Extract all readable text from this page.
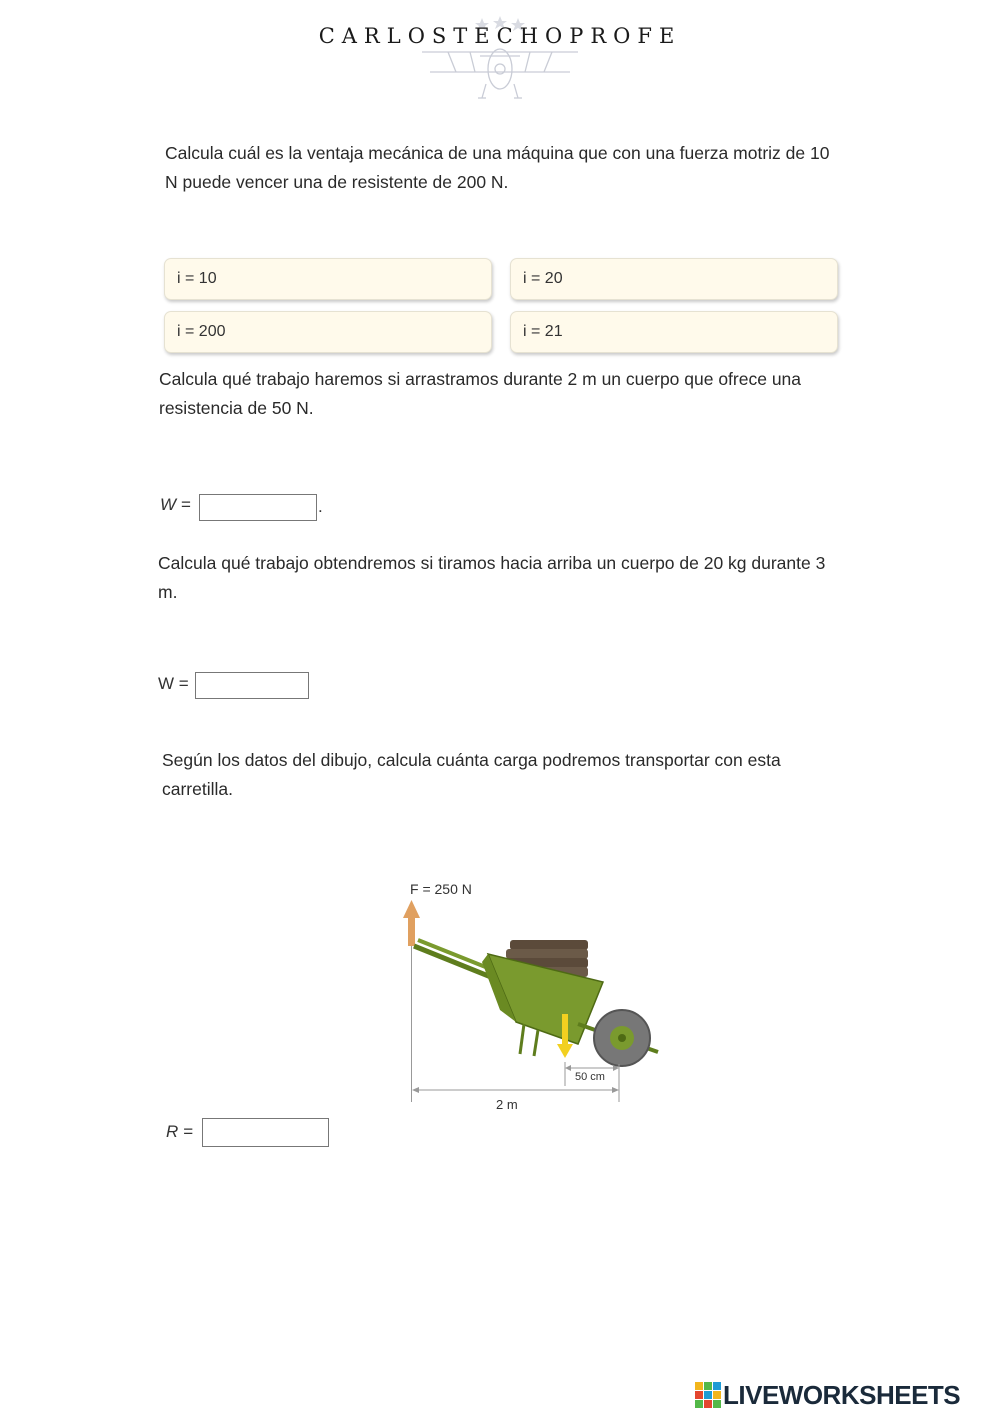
CARLOSTECHOPROFE
Calcula cuál es la ventaja mecánica de una máquina que con una fuerza motriz de 10 N puede vencer una de resistente de 200 N.
i = 10	i = 20
i = 200	i = 21
Calcula qué trabajo haremos si arrastramos durante 2 m un cuerpo que ofrece una resistencia de 50 N.
W =	.
Calcula qué trabajo obtendremos si tiramos hacia arriba un cuerpo de 20 kg durante 3 m.
W =
Según los datos del dibujo, calcula cuánta carga podremos transportar con esta carretilla.
F = 250 N
50 cm
2 m
R =
LIVEWORKSHEETS
